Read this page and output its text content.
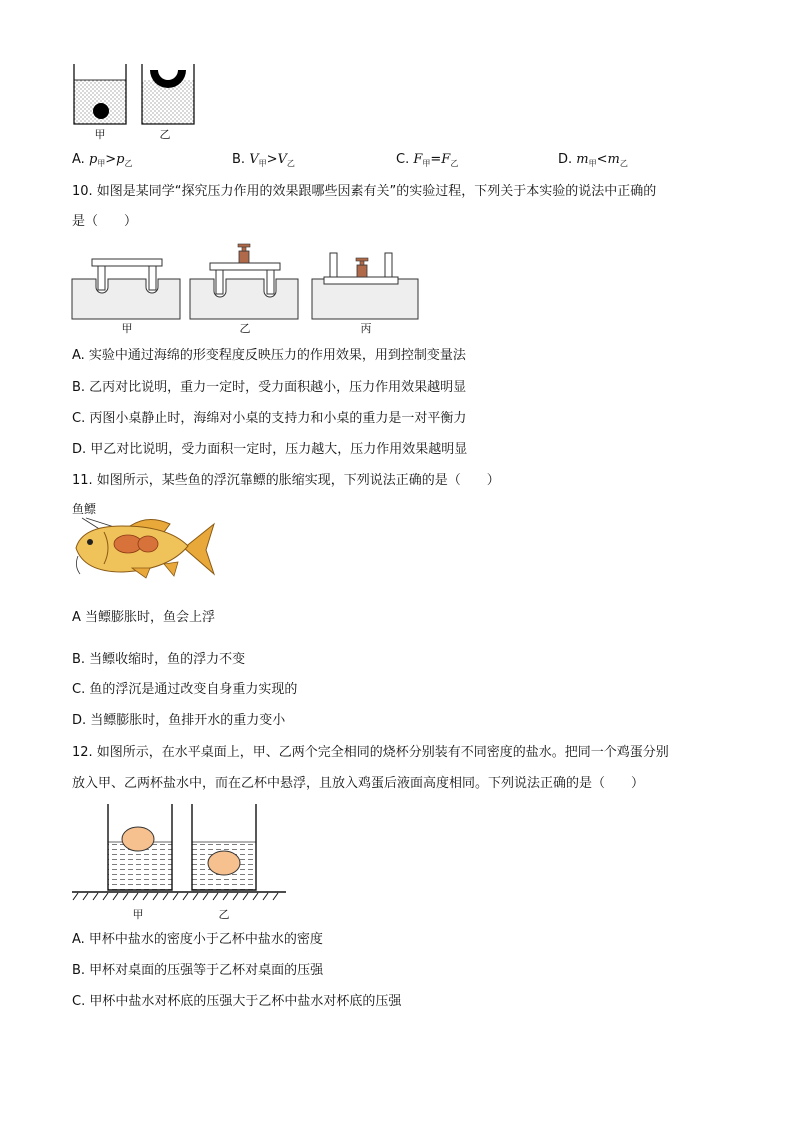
甲	乙
A. $p_甲>p_乙$	B. $V_甲>V_乙$	C. $F_甲=F_乙$	D. $m_甲<m_乙$
10. 如图是某同学“探究压力作用的效果跟哪些因素有关”的实验过程，下列关于本实验的说法中正确的
是（　　）
甲	乙	丙
A. 实验中通过海绵的形变程度反映压力的作用效果，用到控制变量法
B. 乙丙对比说明，重力一定时，受力面积越小，压力作用效果越明显
C. 丙图小桌静止时，海绵对小桌的支持力和小桌的重力是一对平衡力
D. 甲乙对比说明，受力面积一定时，压力越大，压力作用效果越明显
11. 如图所示，某些鱼的浮沉靠鳔的胀缩实现，下列说法正确的是（　　）
鱼鳔
A 当鳔膨胀时，鱼会上浮
B. 当鳔收缩时，鱼的浮力不变
C. 鱼的浮沉是通过改变自身重力实现的
D. 当鳔膨胀时，鱼排开水的重力变小
12. 如图所示，在水平桌面上，甲、乙两个完全相同的烧杯分别装有不同密度的盐水。把同一个鸡蛋分别
放入甲、乙两杯盐水中，而在乙杯中悬浮，且放入鸡蛋后液面高度相同。下列说法正确的是（　　）
甲	乙
A. 甲杯中盐水的密度小于乙杯中盐水的密度
B. 甲杯对桌面的压强等于乙杯对桌面的压强
C. 甲杯中盐水对杯底的压强大于乙杯中盐水对杯底的压强
